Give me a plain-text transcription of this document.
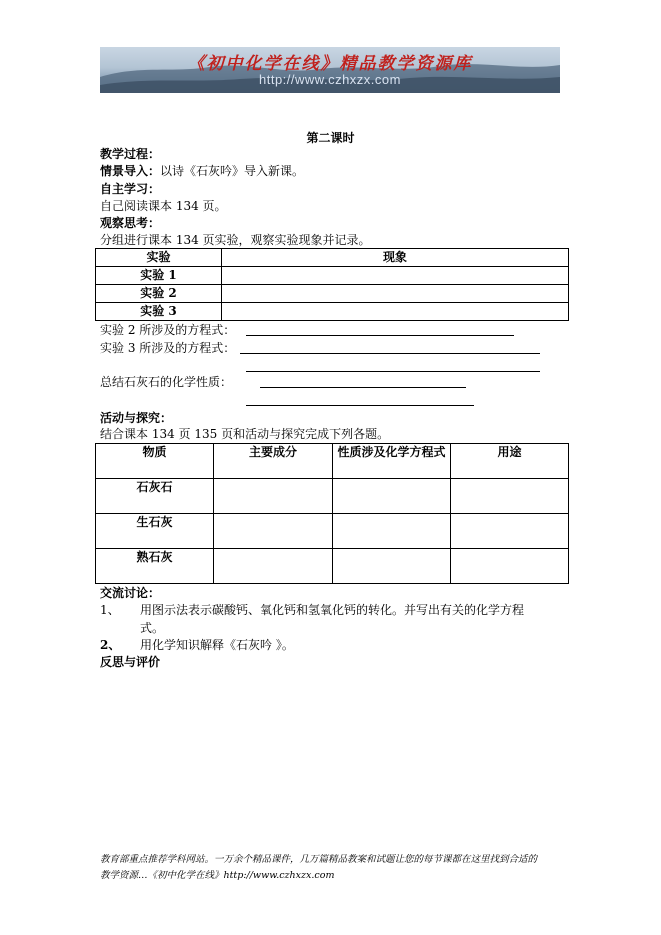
《初中化学在线》精品教学资源库
http://www.czhxzx.com
第二课时
教学过程：
情景导入：以诗《石灰吟》导入新课。
自主学习：
自己阅读课本 134 页。
观察思考：
分组进行课本 134 页实验，观察实验现象并记录。
实验	现象
实验 1	
实验 2	
实验 3	
实验 2 所涉及的方程式：
实验 3 所涉及的方程式：
总结石灰石的化学性质：
活动与探究：
结合课本 134 页 135 页和活动与探究完成下列各题。
物质	主要成分	性质涉及化学方程式	用途
石灰石			
生石灰			
熟石灰			
交流讨论：
1、 用图示法表示碳酸钙、氧化钙和氢氧化钙的转化。并写出有关的化学方程
式。
2、 用化学知识解释《石灰吟 》。
反思与评价
教育部重点推荐学科网站。一万余个精品课件，几万篇精品教案和试题让您的每节课都在这里找到合适的
教学资源…《初中化学在线》http://www.czhxzx.com
